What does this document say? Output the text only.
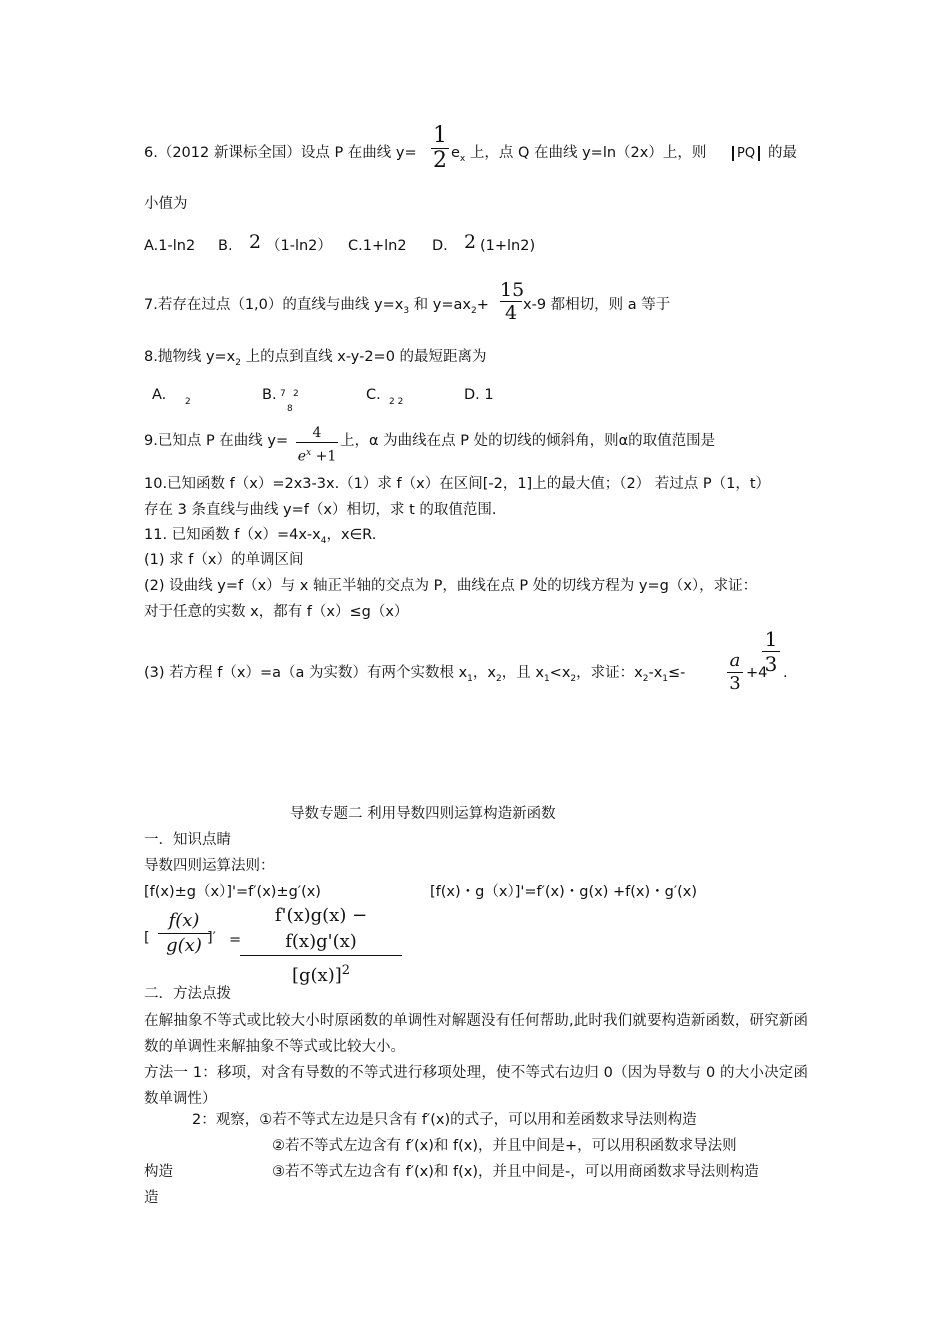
6.（2012 新课标全国）设点 P 在曲线 $y= \frac{1}{2} e_x$ 上，点 Q 在曲线 y=ln（2x）上，则	PQ 的最
小值为
A.1-ln2 B. 2 （1-ln2） C.1+ln2 D. 2 (1+ln2)
7.若存在过点（1,0）的直线与曲线 $y=x_3$ 和 $y=ax_2+ \frac{15}{4} x-9$ 都相切，则 a 等于
8.抛物线 $y=x_2$ 上的点到直线 x-y-2=0 的最短距离为
A. 2	B. 7 2
8
C. 2 2	D. 1
9.已知点 P 在曲线 $y= \frac{4}{e^x +1}$ 上，α 为曲线在点 P 处的切线的倾斜角，则α的取值范围是
10.已知函数 f（x）=2x3-3x.（1）求 f（x）在区间[-2，1]上的最大值；（2） 若过点 P（1，t）
存在 3 条直线与曲线 y=f（x）相切，求 t 的取值范围.
11. 已知函数 $f(x)=4x-x_4$，x∈R.
(1) 求 f（x）的单调区间
(2) 设曲线 y=f（x）与 x 轴正半轴的交点为 P，曲线在点 P 处的切线方程为 y=g（x），求证：
对于任意的实数 x，都有 f（x）≤g（x）
(3) 若方程 f（x）=a（a 为实数）有两个实数根 $x_1$，$x_2$，且 $x_1<x_2$，求证：$x_2-x_1\le- \frac{a}{3} +4$
$\frac{1}{3}$ .
导数专题二 利用导数四则运算构造新函数
一．知识点睛
导数四则运算法则：
[f(x)±g（x）]'=f′(x)±g′(x)	[f(x)・g（x）]'=f′(x)・g(x) +f(x)・g′(x)
[ $\frac{f(x)}{g(x)}$
]′ =
$\frac{f'(x)g(x) - f(x)g'(x)}{[g(x)]^2}$
二．方法点拨
在解抽象不等式或比较大小时原函数的单调性对解题没有任何帮助,此时我们就要构造新函数，研究新函数的单调性来解抽象不等式或比较大小。
方法一 1：移项，对含有导数的不等式进行移项处理，使不等式右边归 0（因为导数与 0 的大小决定函数单调性）
2：观察，①若不等式左边是只含有 f′(x)的式子，可以用和差函数求导法则构造
②若不等式左边含有 f′(x)和 f(x)，并且中间是+，可以用积函数求导法则
构造	③若不等式左边含有 f′(x)和 f(x)，并且中间是-，可以用商函数求导法则构造
造
